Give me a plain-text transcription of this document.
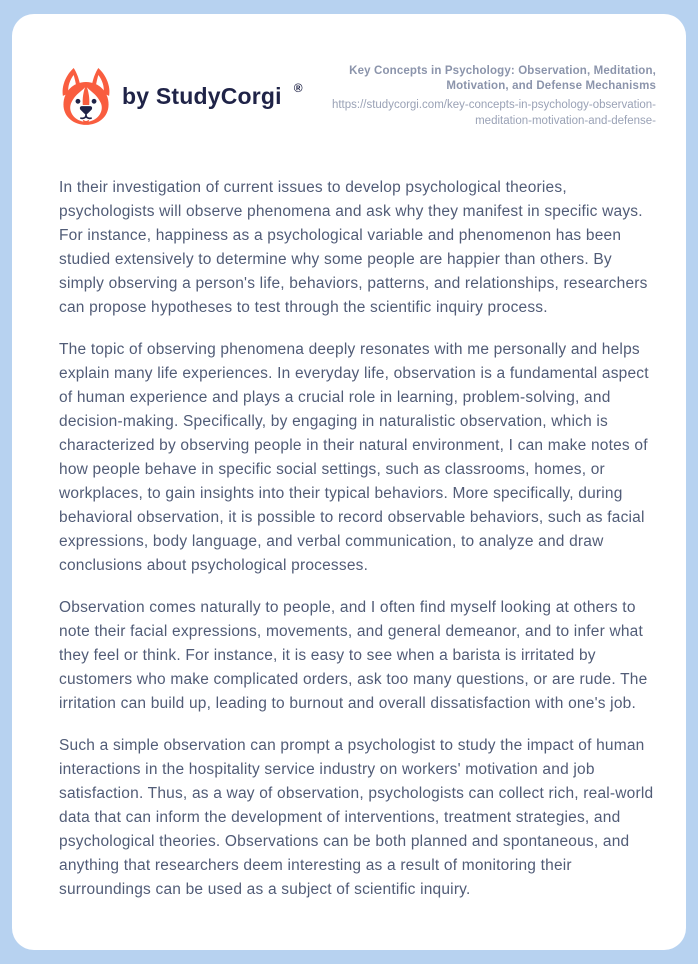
by StudyCorgi ®
Key Concepts in Psychology: Observation, Meditation, Motivation, and Defense Mechanisms
https://studycorgi.com/key-concepts-in-psychology-observation-meditation-motivation-and-defense-

In their investigation of current issues to develop psychological theories, psychologists will observe phenomena and ask why they manifest in specific ways. For instance, happiness as a psychological variable and phenomenon has been studied extensively to determine why some people are happier than others. By simply observing a person's life, behaviors, patterns, and relationships, researchers can propose hypotheses to test through the scientific inquiry process.

The topic of observing phenomena deeply resonates with me personally and helps explain many life experiences. In everyday life, observation is a fundamental aspect of human experience and plays a crucial role in learning, problem-solving, and decision-making. Specifically, by engaging in naturalistic observation, which is characterized by observing people in their natural environment, I can make notes of how people behave in specific social settings, such as classrooms, homes, or workplaces, to gain insights into their typical behaviors. More specifically, during behavioral observation, it is possible to record observable behaviors, such as facial expressions, body language, and verbal communication, to analyze and draw conclusions about psychological processes.

Observation comes naturally to people, and I often find myself looking at others to note their facial expressions, movements, and general demeanor, and to infer what they feel or think. For instance, it is easy to see when a barista is irritated by customers who make complicated orders, ask too many questions, or are rude. The irritation can build up, leading to burnout and overall dissatisfaction with one's job.

Such a simple observation can prompt a psychologist to study the impact of human interactions in the hospitality service industry on workers' motivation and job satisfaction. Thus, as a way of observation, psychologists can collect rich, real-world data that can inform the development of interventions, treatment strategies, and psychological theories. Observations can be both planned and spontaneous, and anything that researchers deem interesting as a result of monitoring their surroundings can be used as a subject of scientific inquiry.
